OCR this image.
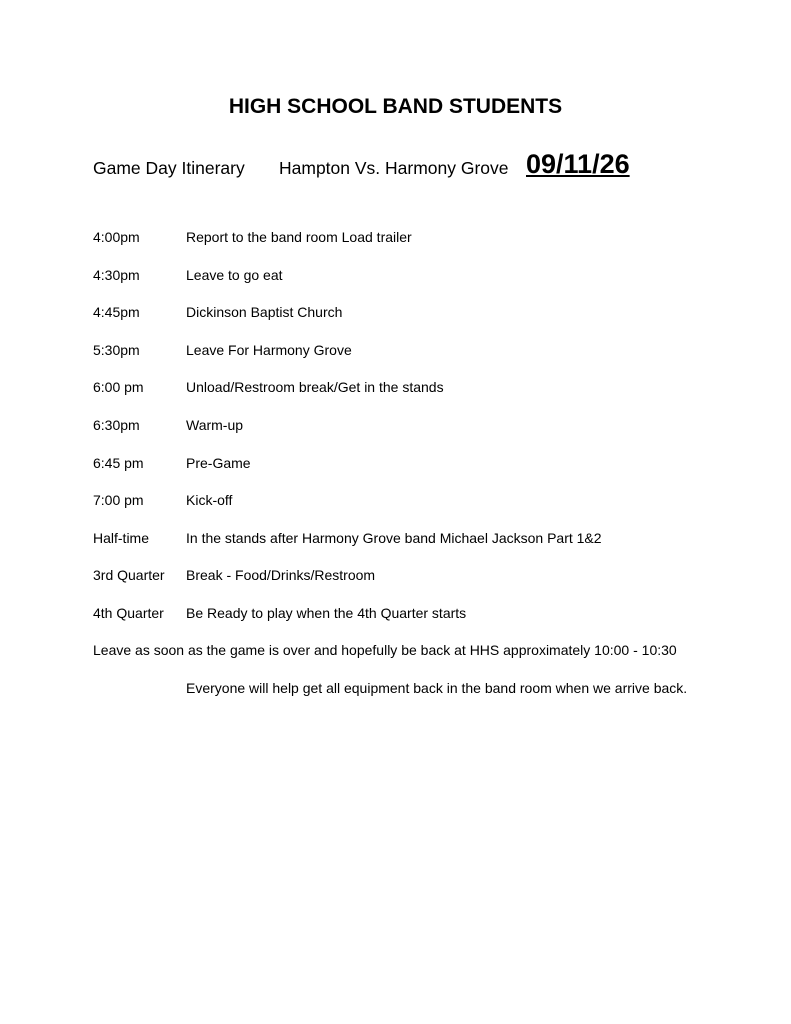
HIGH SCHOOL BAND STUDENTS
Game Day Itinerary Hampton Vs. Harmony Grove 09/11/26
4:00pm	Report to the band room Load trailer
4:30pm	Leave to go eat
4:45pm	Dickinson Baptist Church
5:30pm	Leave For Harmony Grove
6:00 pm	Unload/Restroom break/Get in the stands
6:30pm	Warm-up
6:45 pm	Pre-Game
7:00 pm	Kick-off
Half-time	In the stands after Harmony Grove band Michael Jackson Part 1&2
3rd Quarter Break - Food/Drinks/Restroom
4th Quarter Be Ready to play when the 4th Quarter starts
Leave as soon as the game is over and hopefully be back at HHS approximately 10:00 - 10:30
Everyone will help get all equipment back in the band room when we arrive back.
